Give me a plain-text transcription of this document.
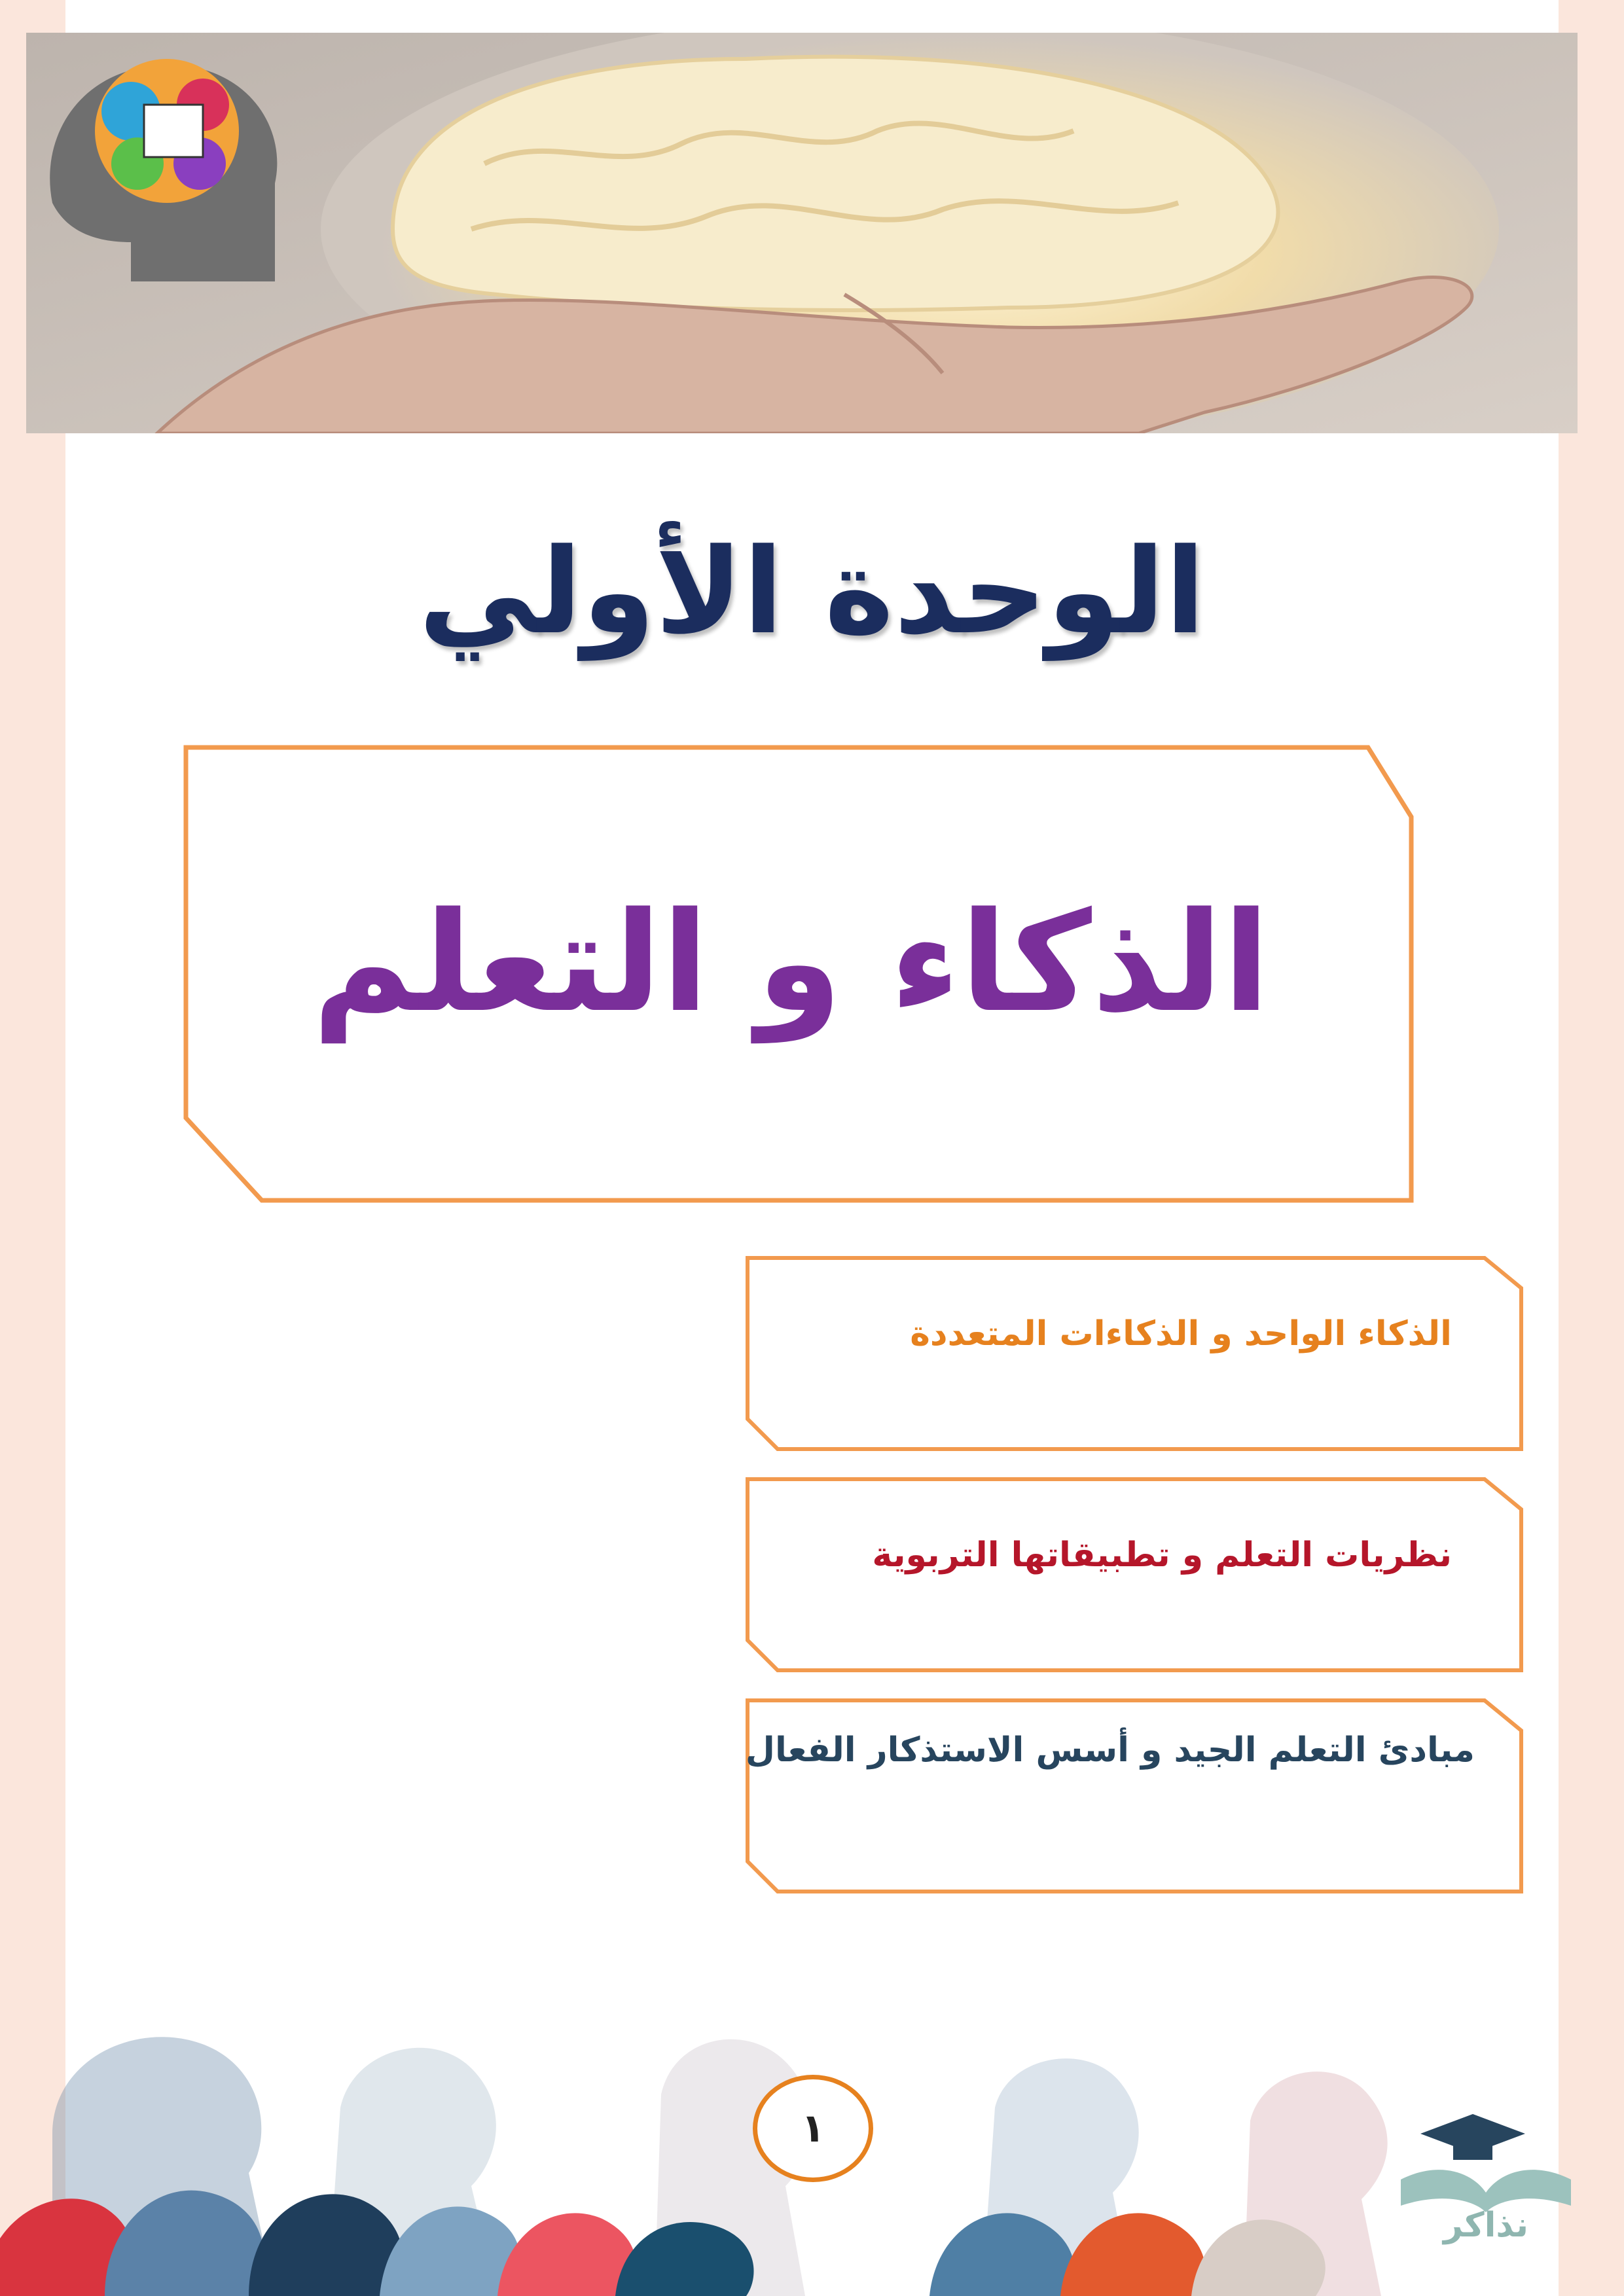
الوحدة الأولي
الذكاء و التعلم
الذكاء الواحد و الذكاءات المتعددة
نظريات التعلم و تطبيقاتها التربوية
مبادئ التعلم الجيد و أسس الاستذكار الفعال
١
نذاكر
